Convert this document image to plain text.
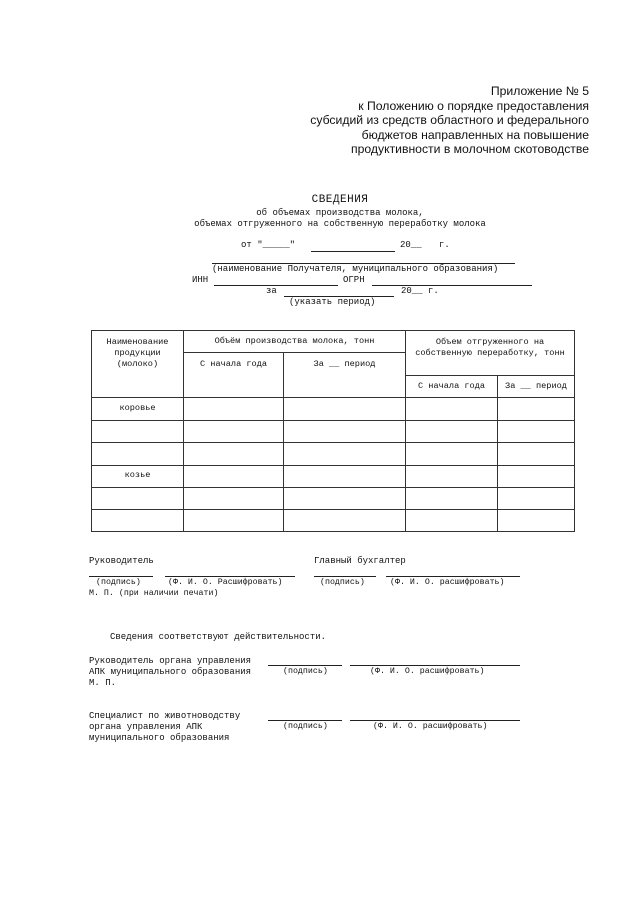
Приложение № 5
к Положению о порядке предоставления
субсидий из средств областного и федерального
бюджетов направленных на повышение
продуктивности в молочном скотоводстве
СВЕДЕНИЯ
об объемах производства молока,
объемах отгруженного на собственную переработку молока
от "_____"	20__ г.
(наименование Получателя, муниципального образования)
ИНН	ОГРН
за	20__ г.
(указать период)
Наименование продукции (молоко)	Объём производства молока, тонн		Объем отгруженного на собственную переработку, тонн	
	С начала года	За __ период		
			С начала года	За __ период
коровье				

козье				

Руководитель	Главный бухгалтер
(подпись)	(Ф. И. О. Расшифровать)	(подпись)	(Ф. И. О. расшифровать)
М. П. (при наличии печати)
Сведения соответствуют действительности.
Руководитель органа управления
АПК муниципального образования	(подпись)	(Ф. И. О. расшифровать)
М. П.
Специалист по животноводству
органа управления АПК	(подпись)	(Ф. И. О. расшифровать)
муниципального образования
